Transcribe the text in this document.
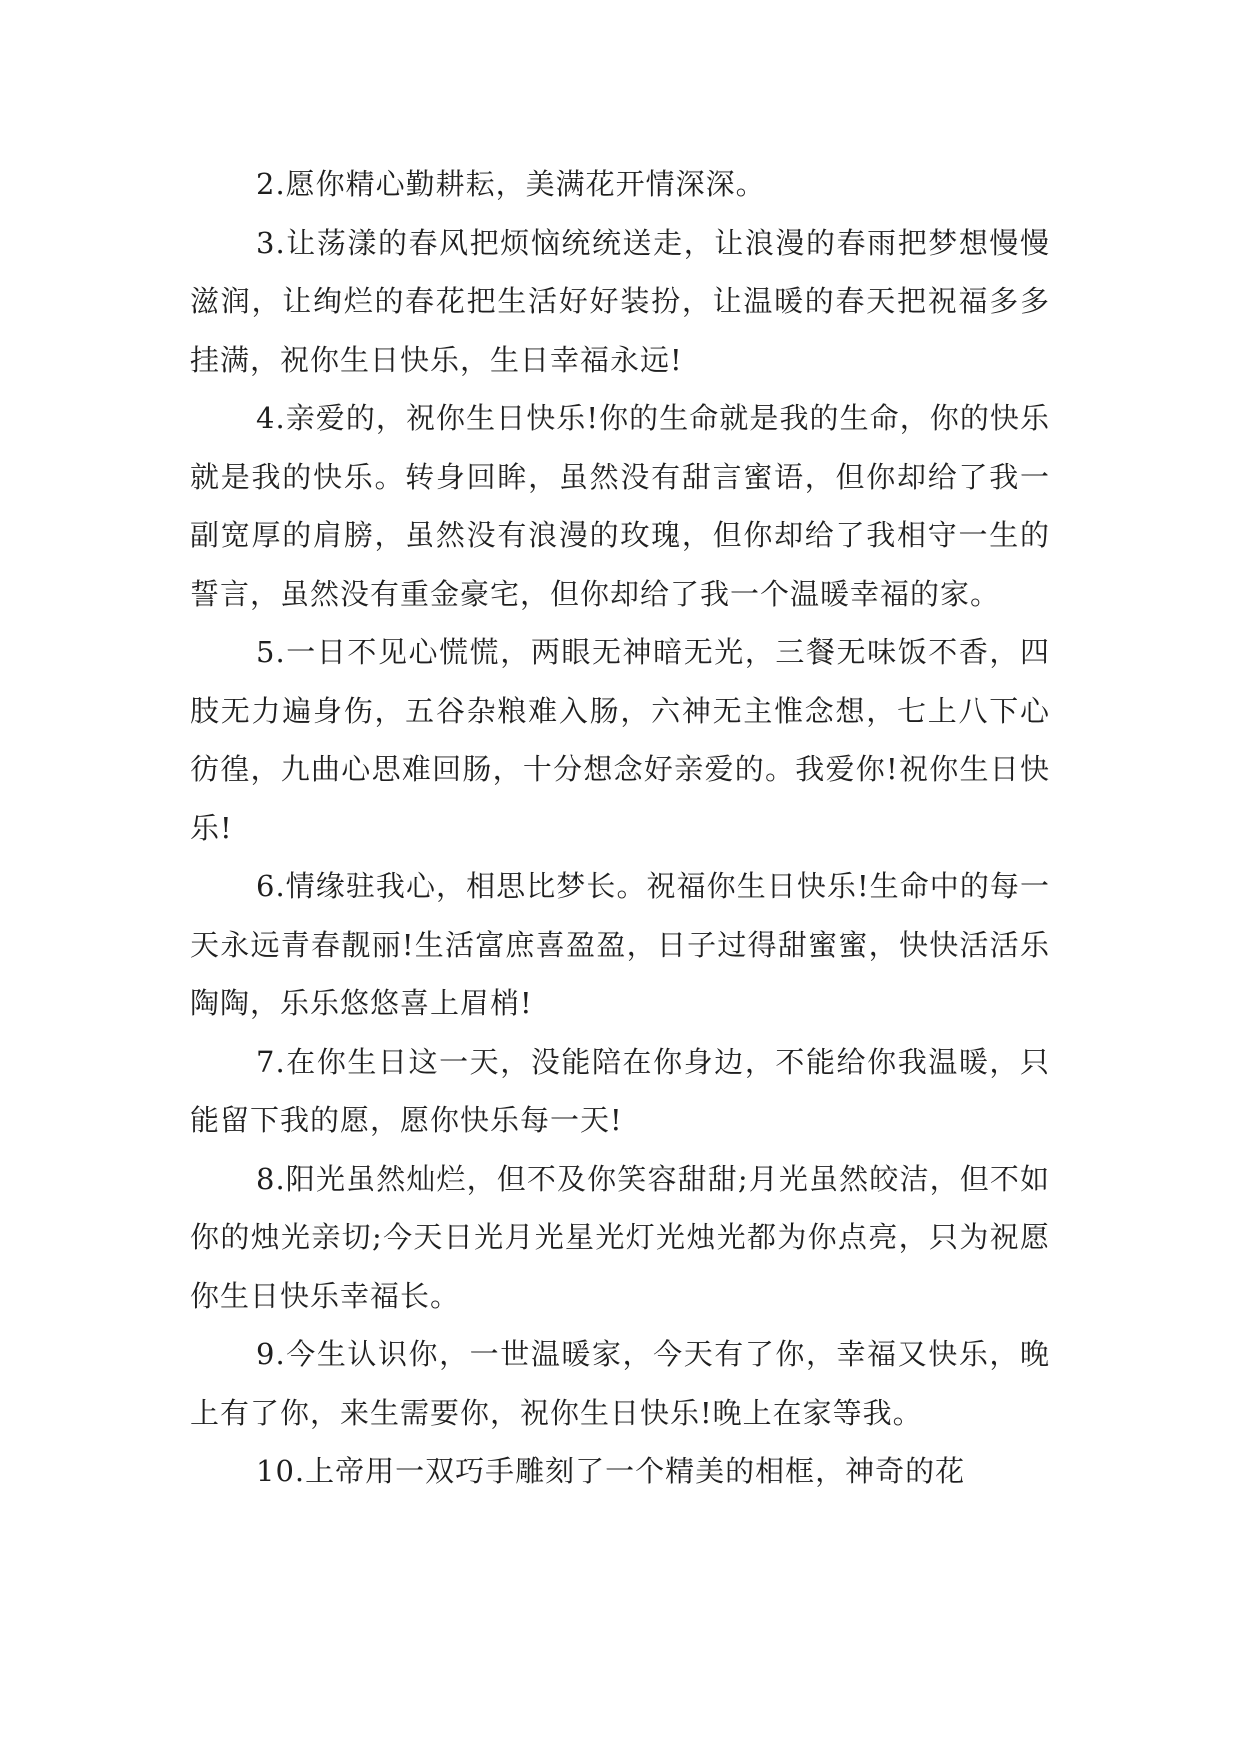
2.愿你精心勤耕耘，美满花开情深深。

3.让荡漾的春风把烦恼统统送走，让浪漫的春雨把梦想慢慢滋润，让绚烂的春花把生活好好装扮，让温暖的春天把祝福多多挂满，祝你生日快乐，生日幸福永远!

4.亲爱的，祝你生日快乐!你的生命就是我的生命，你的快乐就是我的快乐。转身回眸，虽然没有甜言蜜语，但你却给了我一副宽厚的肩膀，虽然没有浪漫的玫瑰，但你却给了我相守一生的誓言，虽然没有重金豪宅，但你却给了我一个温暖幸福的家。

5.一日不见心慌慌，两眼无神暗无光，三餐无味饭不香，四肢无力遍身伤，五谷杂粮难入肠，六神无主惟念想，七上八下心彷徨，九曲心思难回肠，十分想念好亲爱的。我爱你!祝你生日快乐!

6.情缘驻我心，相思比梦长。祝福你生日快乐!生命中的每一天永远青春靓丽!生活富庶喜盈盈，日子过得甜蜜蜜，快快活活乐陶陶，乐乐悠悠喜上眉梢!

7.在你生日这一天，没能陪在你身边，不能给你我温暖，只能留下我的愿，愿你快乐每一天!

8.阳光虽然灿烂，但不及你笑容甜甜;月光虽然皎洁，但不如你的烛光亲切;今天日光月光星光灯光烛光都为你点亮，只为祝愿你生日快乐幸福长。

9.今生认识你，一世温暖家，今天有了你，幸福又快乐，晚上有了你，来生需要你，祝你生日快乐!晚上在家等我。

10.上帝用一双巧手雕刻了一个精美的相框，神奇的花
